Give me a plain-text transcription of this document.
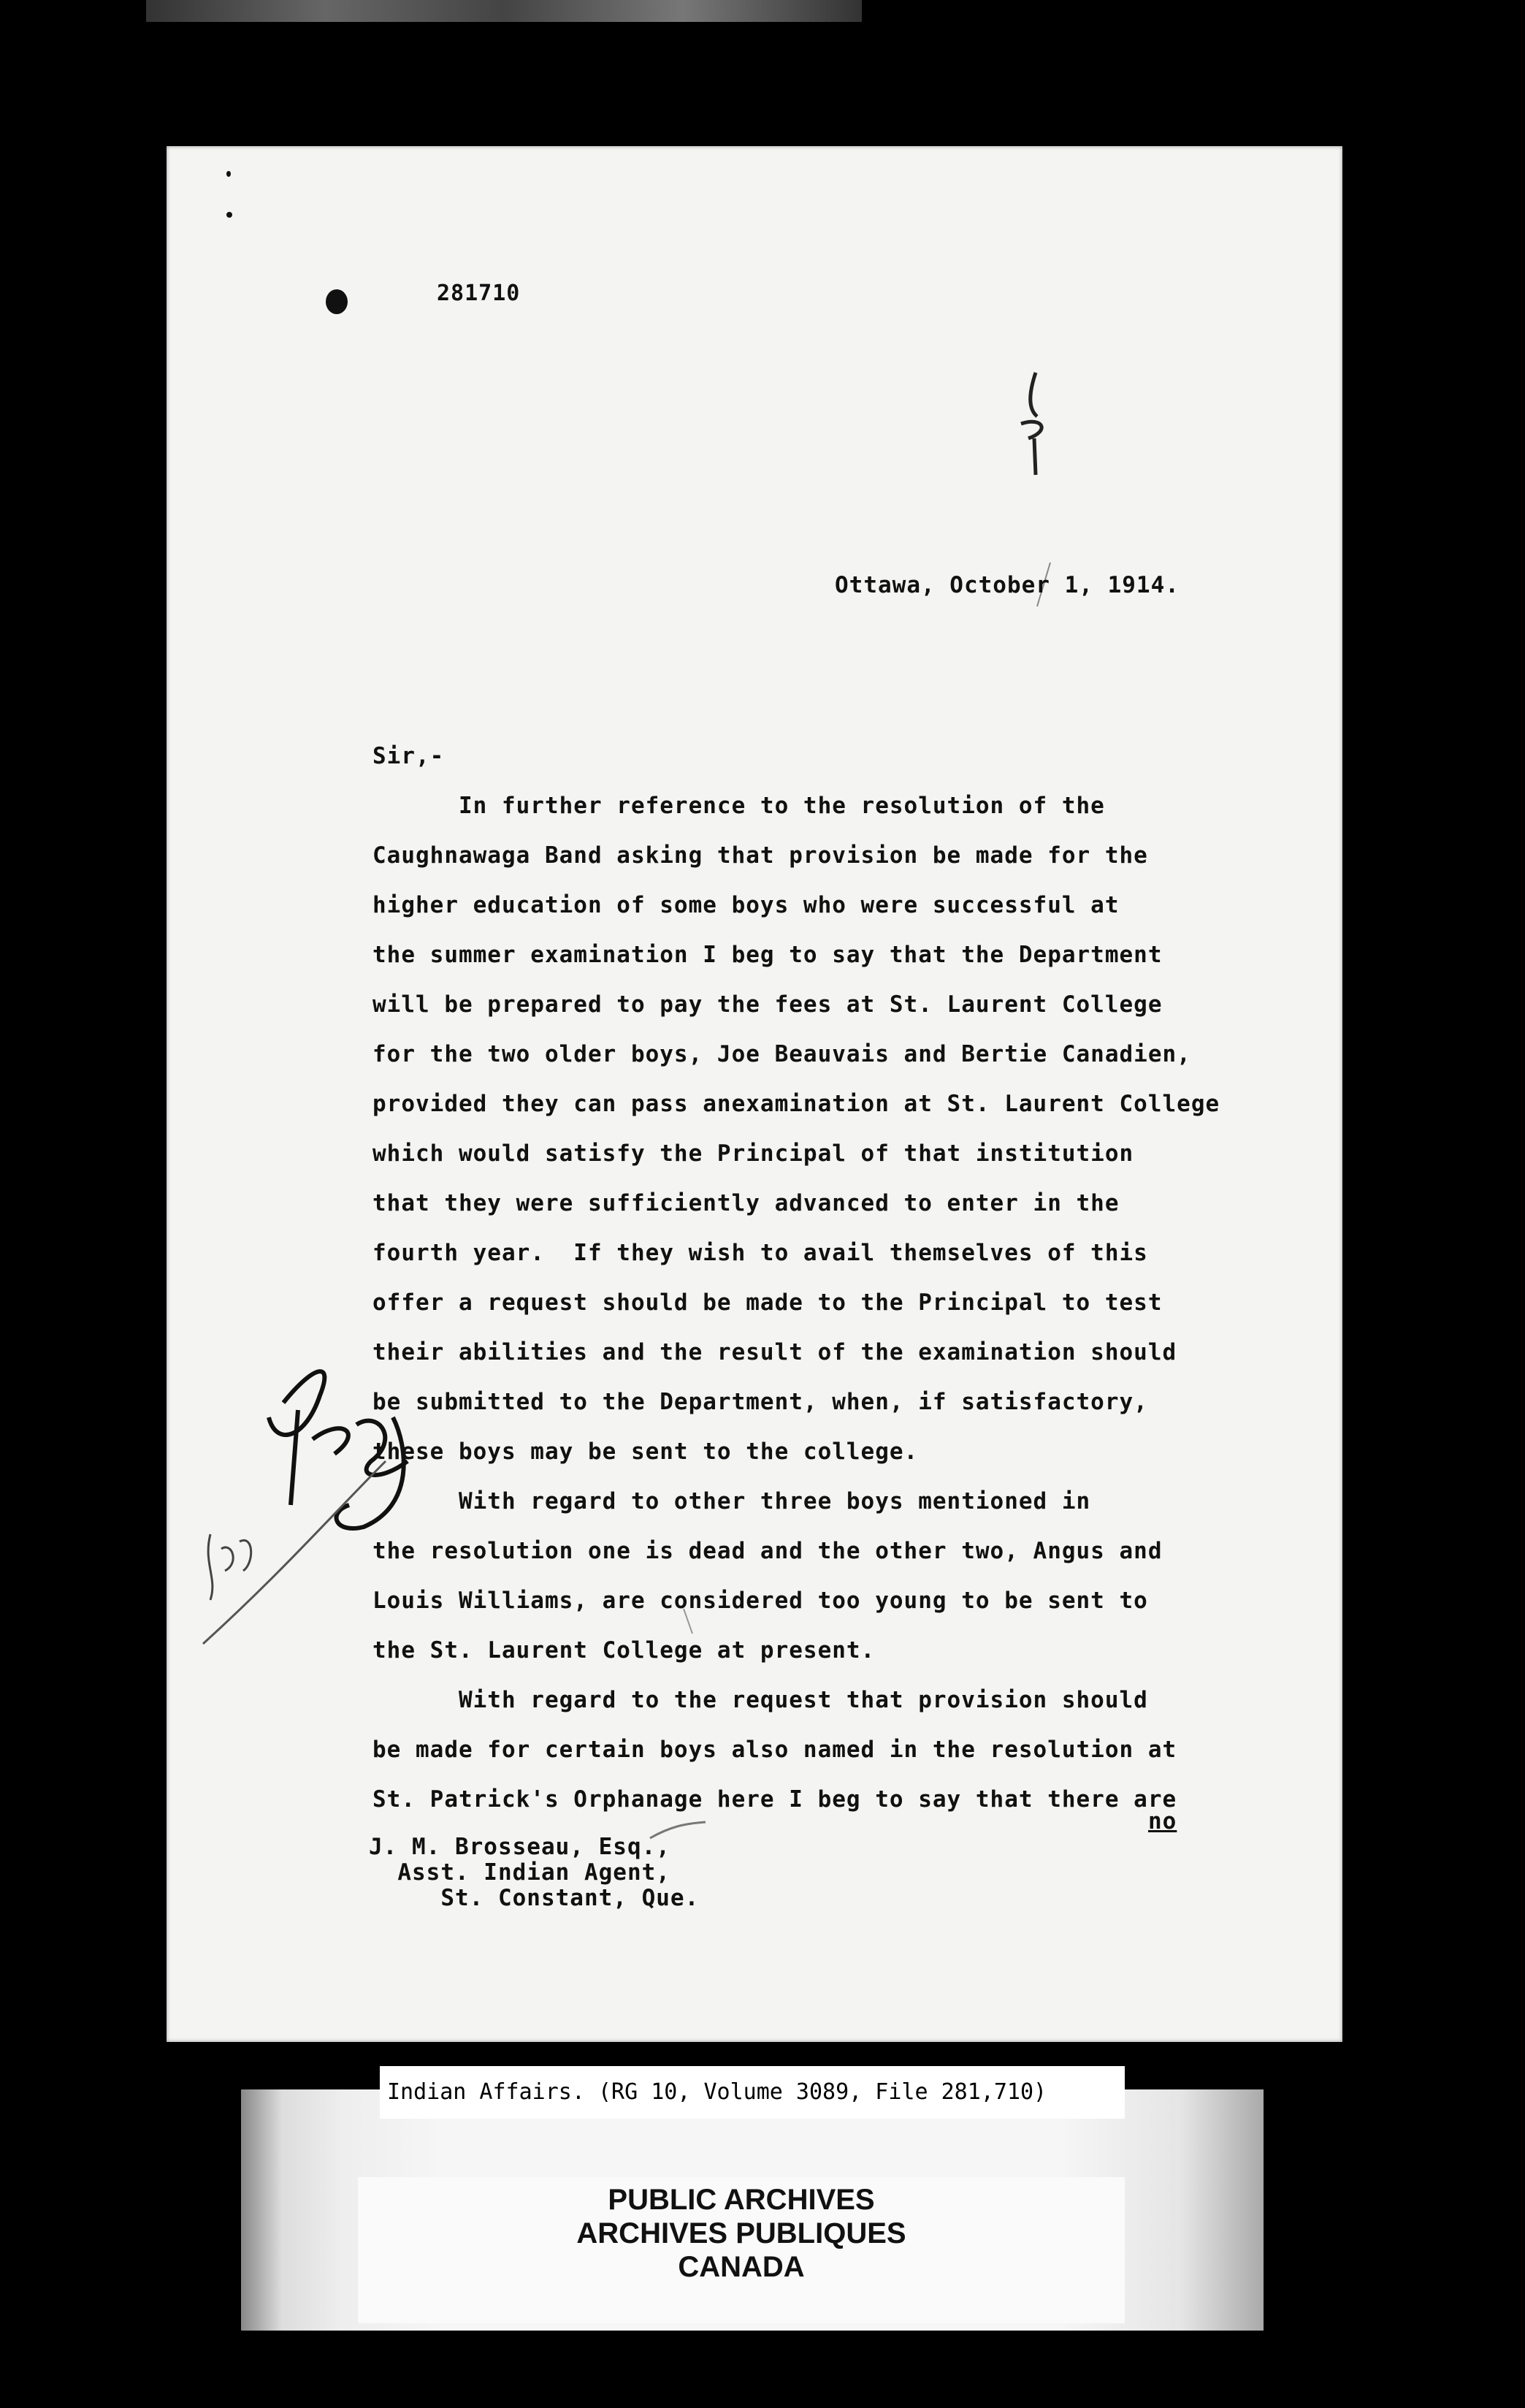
281710
Ottawa, October 1, 1914.
Sir,-
In further reference to the resolution of the
Caughnawaga Band asking that provision be made for the
higher education of some boys who were successful at
the summer examination I beg to say that the Department
will be prepared to pay the fees at St. Laurent College
for the two older boys, Joe Beauvais and Bertie Canadien,
provided they can pass anexamination at St. Laurent College
which would satisfy the Principal of that institution
that they were sufficiently advanced to enter in the
fourth year.  If they wish to avail themselves of this
offer a request should be made to the Principal to test
their abilities and the result of the examination should
be submitted to the Department, when, if satisfactory,
these boys may be sent to the college.
With regard to other three boys mentioned in
the resolution one is dead and the other two, Angus and
Louis Williams, are considered too young to be sent to
the St. Laurent College at present.
With regard to the request that provision should
be made for certain boys also named in the resolution at
St. Patrick's Orphanage here I beg to say that there are
no
J. M. Brosseau, Esq.,
Asst. Indian Agent,
St. Constant, Que.
Indian Affairs. (RG 10, Volume 3089, File 281,710)
PUBLIC ARCHIVES
ARCHIVES PUBLIQUES
CANADA
